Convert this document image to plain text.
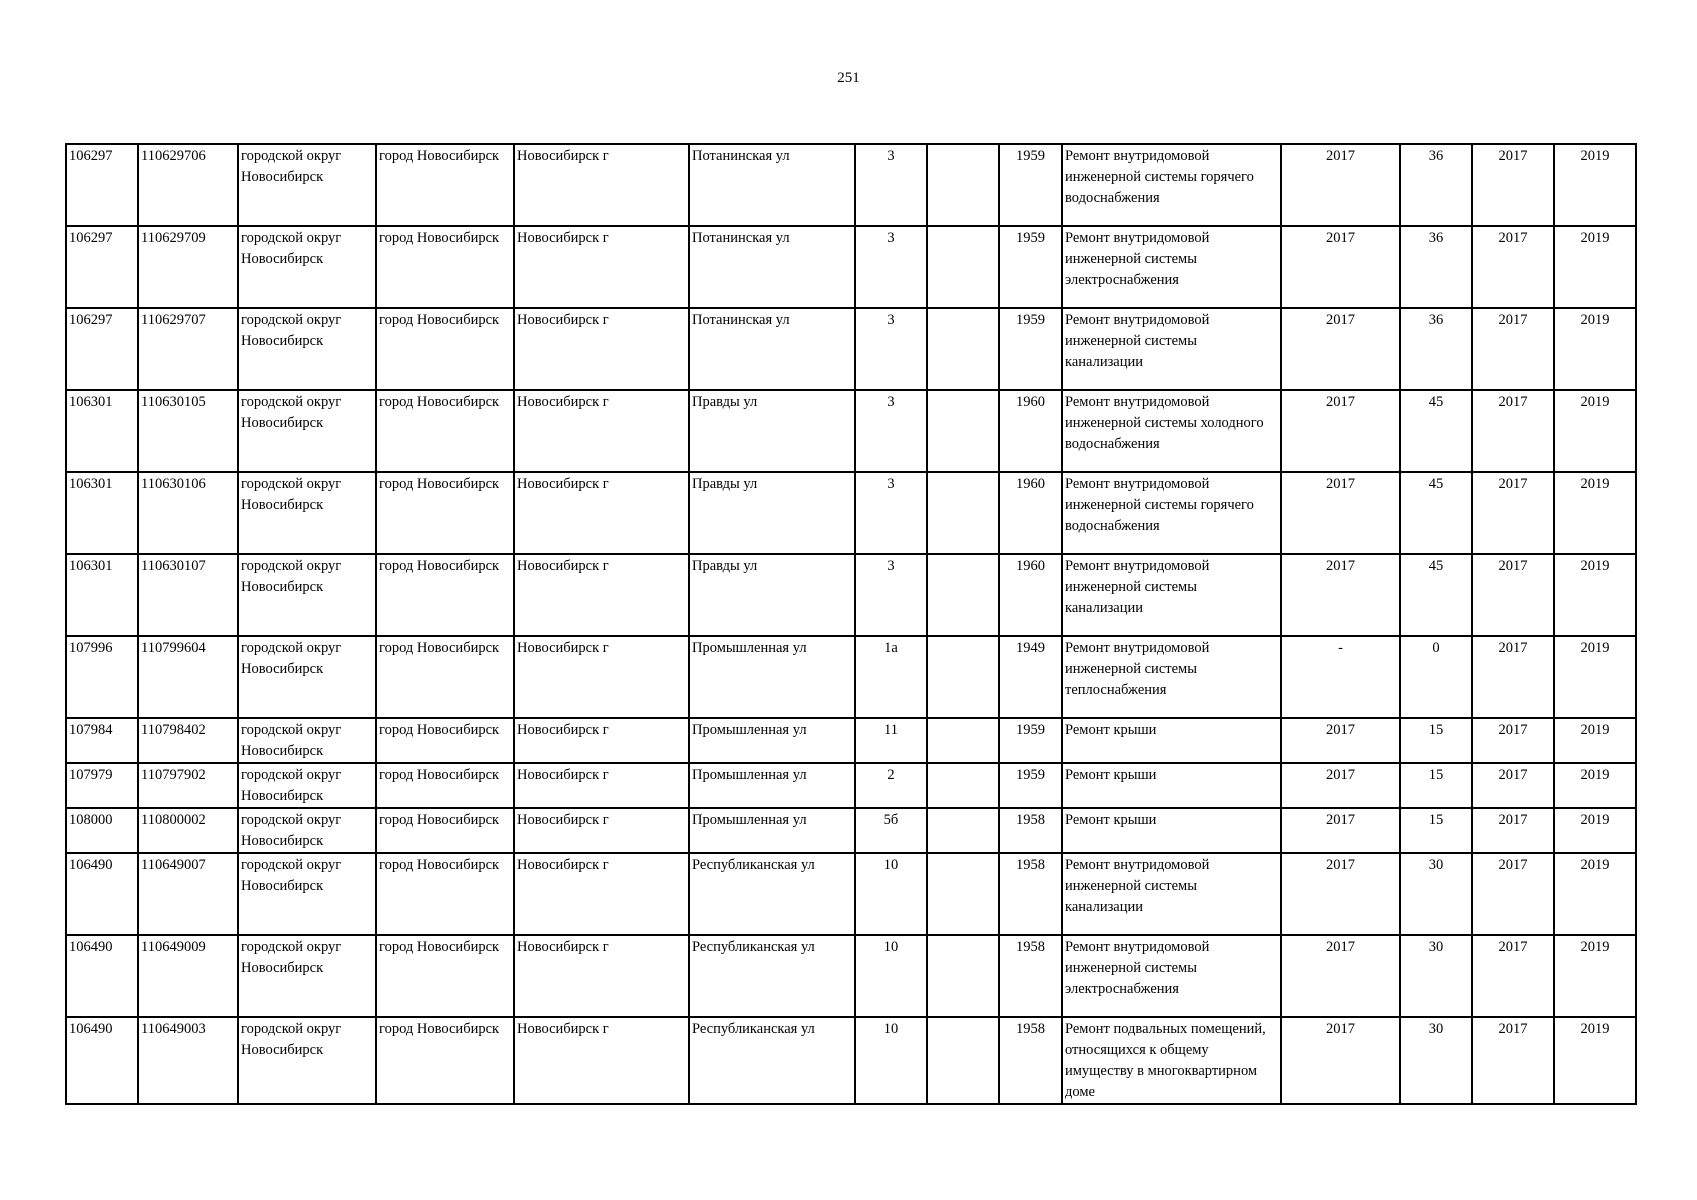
251
106297	110629706	городской округ Новосибирск	город Новосибирск	Новосибирск г	Потанинская ул	3		1959	Ремонт внутридомовой инженерной системы горячего водоснабжения	2017	36	2017	2019
106297	110629709	городской округ Новосибирск	город Новосибирск	Новосибирск г	Потанинская ул	3		1959	Ремонт внутридомовой инженерной системы электроснабжения	2017	36	2017	2019
106297	110629707	городской округ Новосибирск	город Новосибирск	Новосибирск г	Потанинская ул	3		1959	Ремонт внутридомовой инженерной системы канализации	2017	36	2017	2019
106301	110630105	городской округ Новосибирск	город Новосибирск	Новосибирск г	Правды ул	3		1960	Ремонт внутридомовой инженерной системы холодного водоснабжения	2017	45	2017	2019
106301	110630106	городской округ Новосибирск	город Новосибирск	Новосибирск г	Правды ул	3		1960	Ремонт внутридомовой инженерной системы горячего водоснабжения	2017	45	2017	2019
106301	110630107	городской округ Новосибирск	город Новосибирск	Новосибирск г	Правды ул	3		1960	Ремонт внутридомовой инженерной системы канализации	2017	45	2017	2019
107996	110799604	городской округ Новосибирск	город Новосибирск	Новосибирск г	Промышленная ул	1а		1949	Ремонт внутридомовой инженерной системы теплоснабжения	-	0	2017	2019
107984	110798402	городской округ Новосибирск	город Новосибирск	Новосибирск г	Промышленная ул	11		1959	Ремонт крыши	2017	15	2017	2019
107979	110797902	городской округ Новосибирск	город Новосибирск	Новосибирск г	Промышленная ул	2		1959	Ремонт крыши	2017	15	2017	2019
108000	110800002	городской округ Новосибирск	город Новосибирск	Новосибирск г	Промышленная ул	5б		1958	Ремонт крыши	2017	15	2017	2019
106490	110649007	городской округ Новосибирск	город Новосибирск	Новосибирск г	Республиканская ул	10		1958	Ремонт внутридомовой инженерной системы канализации	2017	30	2017	2019
106490	110649009	городской округ Новосибирск	город Новосибирск	Новосибирск г	Республиканская ул	10		1958	Ремонт внутридомовой инженерной системы электроснабжения	2017	30	2017	2019
106490	110649003	городской округ Новосибирск	город Новосибирск	Новосибирск г	Республиканская ул	10		1958	Ремонт подвальных помещений, относящихся к общему имуществу в многоквартирном доме	2017	30	2017	2019
